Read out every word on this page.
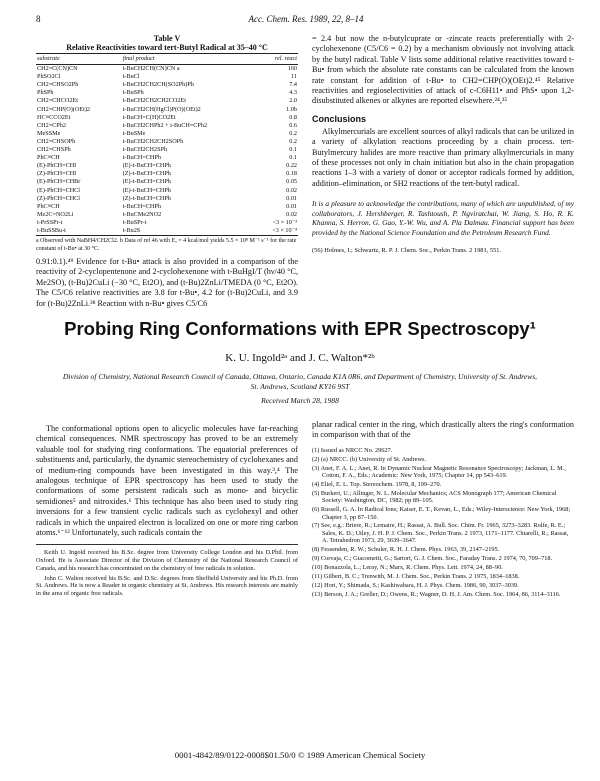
8	Acc. Chem. Res. 1989, 22, 8–14
Table V
Relative Reactivities toward tert-Butyl Radical at 35–40 °C
substrate	final product	rel. react
CH2=C(CN)CN	t-BuCH2CH(CN)CN a	160
PhSO2Cl	t-BuCl	11
CH2=CHSO2Ph	t-BuCH2CH2CH(SO2Ph)Ph	7.4
PhSPh	t-BuSPh	4.3
CH2=CHCO2Et	t-BuCH2CH2CH2CO2Et	2.0
CH2=CHP(O)(OEt)2	t-BuCH2CH(HgCl)P(O)(OEt)2	1.0b
HC≡CCO2Et	t-BuCH=C(H)CO2Et	0.8
CH2=CPh2	t-BuCH2CHPh2 + t-BuCH=CPh2	0.6
MeSSMe	t-BuSMe	0.2
CH2=CHSOPh	t-BuCH2CH2CH2SOPh	0.2
CH2=CHSPh	t-BuCH2CH2SPh	0.1
PhC≡CH	t-BuCH=CHPh	0.1
(E)-PhCH=CHI	(E)-t-BuCH=CHPh	0.22
(Z)-PhCH=CHI	(Z)-t-BuCH=CHPh	0.18
(E)-PhCH=CHBr	(E)-t-BuCH=CHPh	0.05
(E)-PhCH=CHCl	(E)-t-BuCH=CHPh	0.02
(Z)-PhCH=CHCl	(Z)-t-BuCH=CHPh	0.01
PhC≡CH	t-BuCH=CHPh	0.01
Me2C=NO2Li	t-BuCMe2NO2	0.02
t-PrSSPr-t	t-BuSPr-t	<3 × 10⁻³
t-BuSSBu-t	t-Bu2S	<3 × 10⁻⁴
a Observed with NaBH4/CH2Cl2. b Data of ref 46 with Eₐ = 4 kcal/mol yields 5.5 × 10⁸ M⁻¹ s⁻¹ for the rate constant of t-Bu• at 30 °C.

0.91:0.1).⁴⁹ Evidence for t-Bu• attack is also provided in a comparison of the reactivity of 2-cyclopentenone and 2-cyclohexenone with t-BuHgI/T (hν/40 °C, Me2SO), (t-Bu)2CuLi (−30 °C, Et2O), and (t-Bu)2ZnLi/TMEDA (0 °C, Et2O). The C5/C6 relative reactivities are 3.8 for t-Bu•, 4.2 for (t-Bu)2CuLi, and 3.9 for (t-Bu)2ZnLi.³⁸ Reaction with n-Bu• gives C5/C6

= 2.4 but now the n-butylcuprate or -zincate reacts preferentially with 2-cyclohexenone (C5/C6 = 0.2) by a mechanism obviously not involving attack by the butyl radical. Table V lists some additional relative reactivities toward t-Bu• from which the absolute rate constants can be calculated from the known rate constant for addition of t-Bu• to CH2=CHP(O)(OEt)2.⁴⁵ Relative reactivities and regioselectivities of attack of c-C6H11• and PhS• upon 1,2-disubstituted alkenes or alkynes are reported elsewhere.²⁴,³⁵

Conclusions

Alkylmercurials are excellent sources of alkyl radicals that can be utilized in a variety of alkylation reactions proceeding by a chain process. tert-Butylmercury halides are more reactive than primary alkylmercurials in many of these processes not only in chain initiation but also in the chain propagation reactions 1–3 with a variety of donor or acceptor radicals formed by addition, addition–elimination, or SH2 reactions of the tert-butyl radical.

It is a pleasure to acknowledge the contributions, many of which are unpublished, of my collaborators, J. Hershberger, R. Tashtoush, P. Ngviratchai, W. Jiang, S. Ho, R. K. Khanna, S. Herron, G. Gao, Y.-W. Wu, and A. Pla Dalmau. Financial support has been provided by the National Science Foundation and the Petroleum Research Fund.

(56) Holmes, I.; Schwartz, R. P. J. Chem. Soc., Perkin Trans. 2 1981, 551.

Probing Ring Conformations with EPR Spectroscopy¹
K. U. Ingold²ᵃ and J. C. Walton*²ᵇ
Division of Chemistry, National Research Council of Canada, Ottawa, Ontario, Canada K1A 0R6, and Department of Chemistry, University of St. Andrews, St. Andrews, Scotland KY16 9ST
Received March 28, 1988

The conformational options open to alicyclic molecules have far-reaching chemical consequences. NMR spectroscopy has proved to be an extremely valuable tool for studying ring conformations. The equatorial preferences of substituents and, particularly, the dynamic stereochemistry of cyclohexanes and of medium-ring compounds have been investigated in this way.³,⁴ The analogous technique of EPR spectroscopy has been used to study the conformations of some persistent radicals such as mono- and bicyclic semidiones⁵ and nitroxides.⁶ This technique has also been used to study ring inversions for a few transient cyclic radicals such as cyclohexyl and other radicals in which the unpaired electron is localized on one or more ring carbon atoms.⁶⁻¹² Unfortunately, such radicals contain the

Keith U. Ingold received his B.Sc. degree from University College London and his D.Phil. from Oxford. He is Associate Director of the Division of Chemistry of the National Research Council of Canada, and his research has concentrated on the chemistry of free radicals in solution.

John C. Walton received his B.Sc. and D.Sc. degrees from Sheffield University and his Ph.D. from St. Andrews. He is now a Reader in organic chemistry at St. Andrews. His research interests are mainly in the area of organic free radicals.

planar radical center in the ring, which drastically alters the ring's conformation in comparison with that of the

(1) Issued as NRCC No. 29627.
(2) (a) NRCC. (b) University of St. Andrews.
(3) Anet, F. A. L.; Anet, R. In Dynamic Nuclear Magnetic Resonance Spectroscopy; Jackman, L. M., Cotton, F. A., Eds.; Academic: New York, 1975; Chapter 14, pp 543–619.
(4) Eliel, E. L. Top. Stereochem. 1978, 8, 199–270.
(5) Burkert, U.; Allinger, N. L. Molecular Mechanics; ACS Monograph 177; American Chemical Society: Washington, DC, 1982; pp 89–105.
(6) Russell, G. A. In Radical Ions; Kaiser, E. T., Kevan, L., Eds.; Wiley-Interscience: New York, 1968; Chapter 3, pp 87–150.
(7) See, e.g.: Briere, R.; Lemaire, H.; Rassat, A. Bull. Soc. Chim. Fr. 1965, 3273–3283. Rolfe, R. E.; Sales, K. D.; Utley, J. H. P. J. Chem. Soc., Perkin Trans. 2 1973, 1171–1177. Chiarelli, R.; Rassat, A. Tetrahedron 1973, 29, 3639–3647.
(8) Fessenden, R. W.; Schuler, R. H. J. Chem. Phys. 1963, 39, 2147–2195.
(9) Corvaja, C.; Giacometti, G.; Sartori, G. J. Chem. Soc., Faraday Trans. 2 1974, 70, 709–718.
(10) Bonazzola, L.; Leray, N.; Marx, R. Chem. Phys. Lett. 1974, 24, 88–90.
(11) Gilbert, B. C.; Trenwith, M. J. Chem. Soc., Perkin Trans. 2 1975, 1834–1838.
(12) Hori, Y.; Shimada, S.; Kashiwabara, H. J. Phys. Chem. 1986, 90, 3037–3039.
(13) Berson, J. A.; Greller, D.; Owens, R.; Wagner, D. H. J. Am. Chem. Soc. 1964, 86, 3114–3116.
0001-4842/89/0122-0008$01.50/0 © 1989 American Chemical Society
